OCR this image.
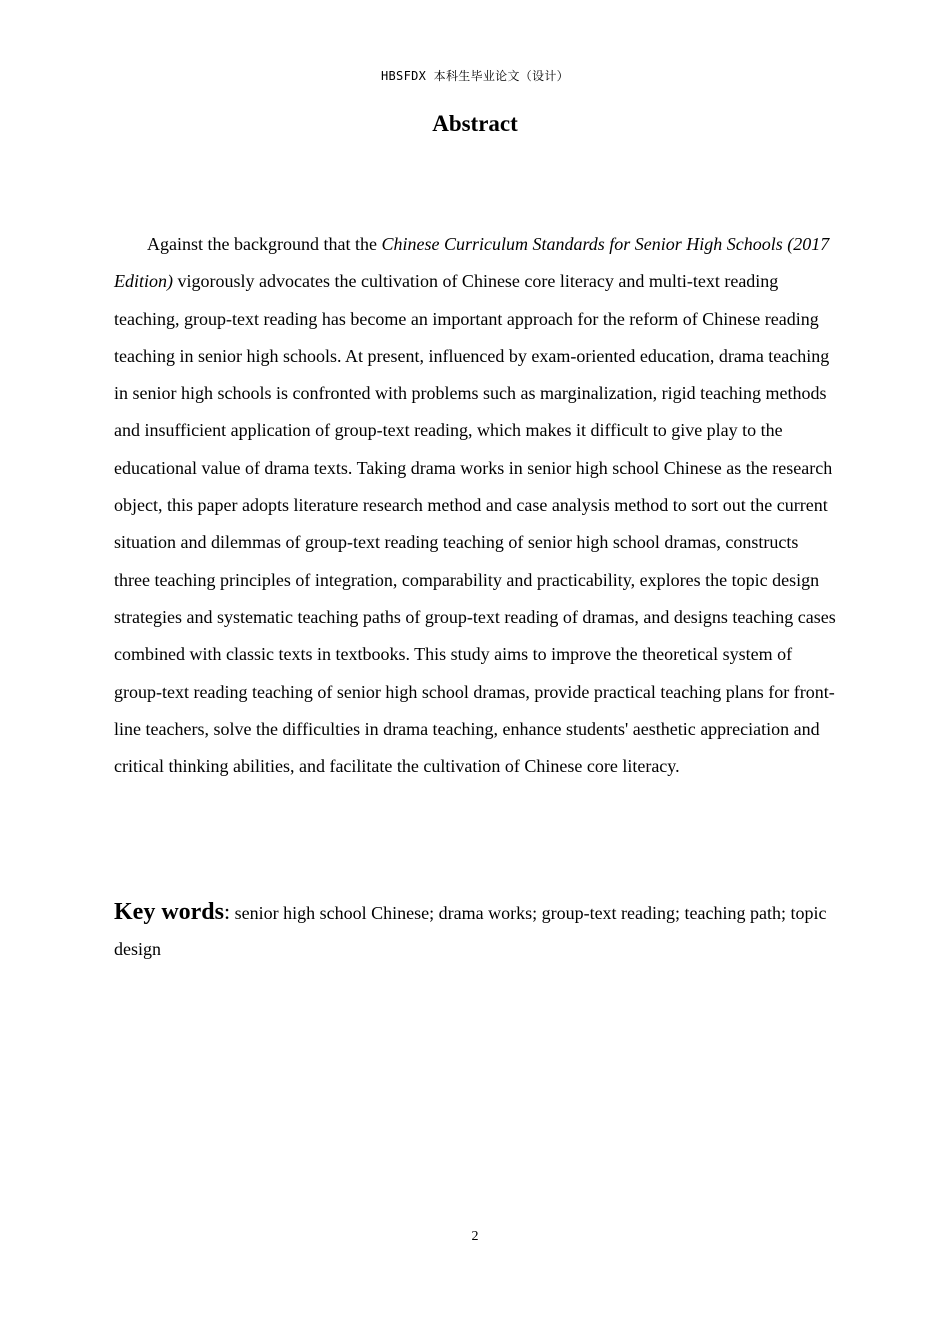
HBSFDX 本科生毕业论文（设计）
Abstract
Against the background that the Chinese Curriculum Standards for Senior High Schools (2017 Edition) vigorously advocates the cultivation of Chinese core literacy and multi-text reading teaching, group-text reading has become an important approach for the reform of Chinese reading teaching in senior high schools. At present, influenced by exam-oriented education, drama teaching in senior high schools is confronted with problems such as marginalization, rigid teaching methods and insufficient application of group-text reading, which makes it difficult to give play to the educational value of drama texts. Taking drama works in senior high school Chinese as the research object, this paper adopts literature research method and case analysis method to sort out the current situation and dilemmas of group-text reading teaching of senior high school dramas, constructs three teaching principles of integration, comparability and practicability, explores the topic design strategies and systematic teaching paths of group-text reading of dramas, and designs teaching cases combined with classic texts in textbooks. This study aims to improve the theoretical system of group-text reading teaching of senior high school dramas, provide practical teaching plans for front-line teachers, solve the difficulties in drama teaching, enhance students' aesthetic appreciation and critical thinking abilities, and facilitate the cultivation of Chinese core literacy.
Key words: senior high school Chinese; drama works; group-text reading; teaching path; topic design
2
